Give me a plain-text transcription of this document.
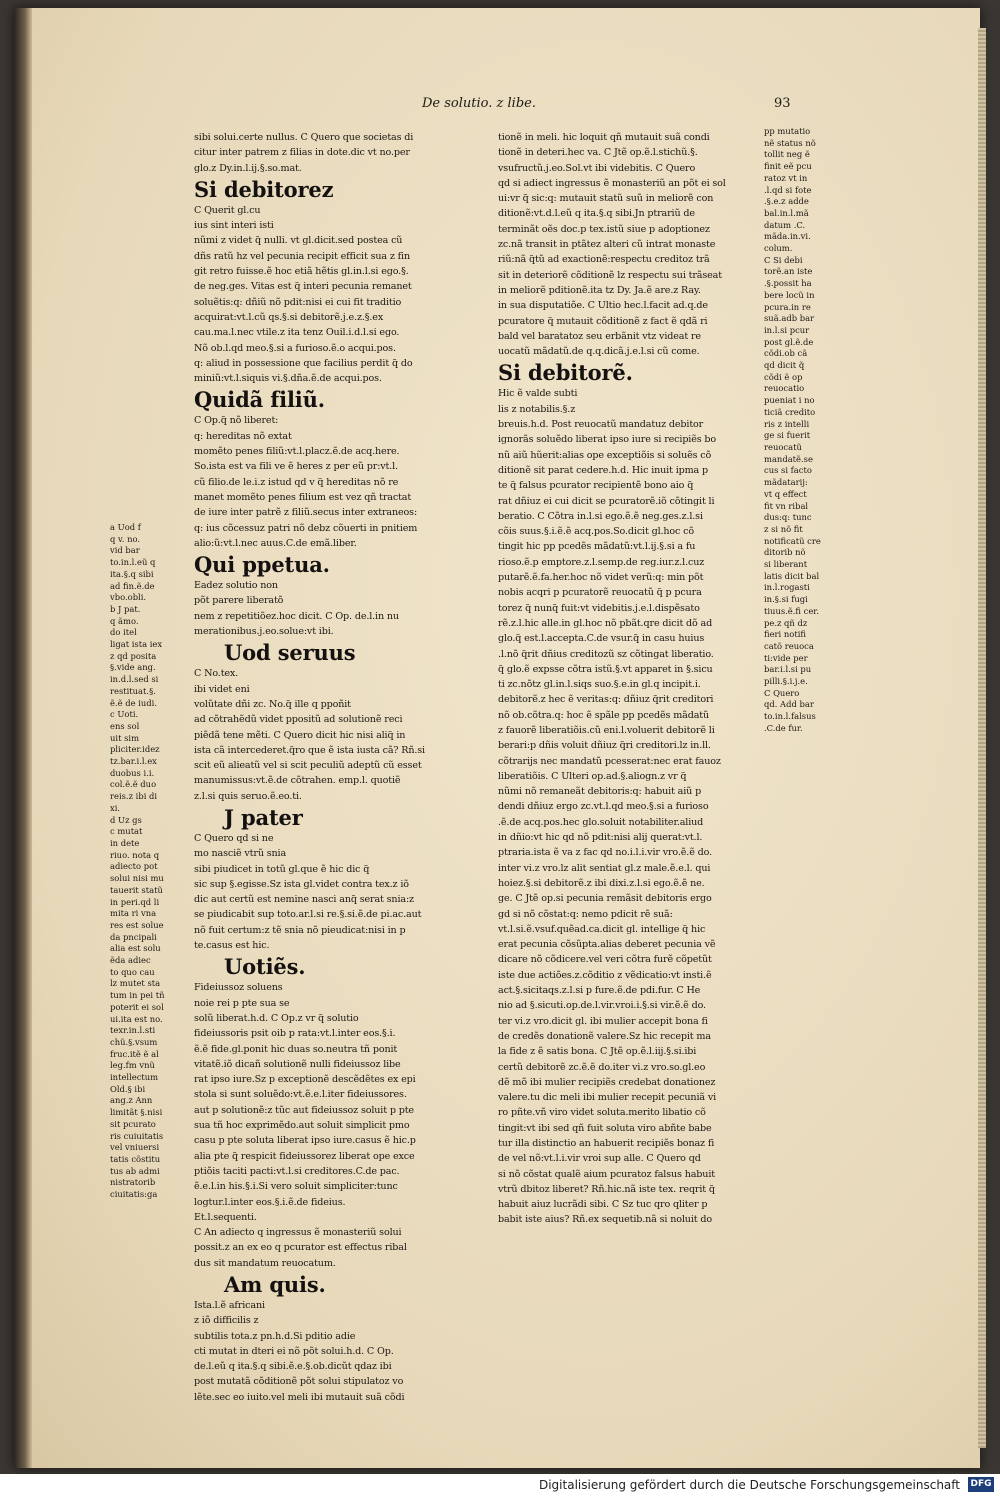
De solutio. z libe.	93
sibi solui.certe nullus. C Quero que societas di
citur inter patrem z filias in dote.dic vt no.per
glo.z Dy.in.l.ij.§.so.mat.

Si debitorez
C Querit gl.cu
ius sint interi isti
nũmi z videt q̃ nulli. vt gl.dicit.sed postea cũ
dñs ratũ hz vel pecunia recipit efficit sua z fin
git retro fuisse.ẽ hoc etiã hẽtis gl.in.l.si ego.§.
de neg.ges. Vitas est q̃ interi pecunia remanet
soluẽtis:q: dñiũ nõ pdit:nisi ei cui fit traditio
acquirat:vt.l.cũ qs.§.si debitorẽ.j.e.z.§.ex
cau.ma.l.nec vtile.z ita tenz Ouil.i.d.l.si ego.
Nõ ob.l.qd meo.§.si a furioso.ẽ.o acqui.pos.
q: aliud in possessione que facilius perdit q̃ do
miniũ:vt.l.siquis vi.§.dña.ẽ.de acqui.pos.

Quidã filiũ.
C Op.q̃ nõ liberet:
q: hereditas nõ extat
momẽto penes filiũ:vt.l.placz.ẽ.de acq.here.
So.ista est va fili ve ẽ heres z per eũ pr:vt.l.
cũ filio.de le.i.z istud qd v q̃ hereditas nõ re
manet momẽto penes filium est vez qñ tractat
de iure inter patrẽ z filiũ.secus inter extraneos:
q: ius cõcessuz patri nõ debz cõuerti in pnitiem
alio:ũ:vt.l.nec auus.C.de emã.liber.

Qui ppetua.
Eadez solutio non
põt parere liberatõ
nem z repetitiõez.hoc dicit. C Op. de.l.in nu
merationibus.j.eo.solue:vt ibi.

Uod seruus
C No.tex.
ibi videt eni
volũtate dñi zc. No.q̃ ille q ppoñit
ad cõtrahẽdũ videt ppositũ ad solutionẽ reci
piẽdã tene mẽti. C Quero dicit hic nisi aliq̃ in
ista cã intercederet.q̃ro que ẽ ista iusta cã? Rñ.si
scit eũ alieatũ vel si scit peculiũ adeptũ cũ esset
manumissus:vt.ẽ.de cõtrahen. emp.l. quotiẽ
z.l.si quis seruo.ẽ.eo.ti.

J pater
C Quero qd si ne
mo nasciẽ vtrũ snia
sibi piudicet in totũ gl.que ẽ hic dic q̃
sic sup §.egisse.Sz ista gl.videt contra tex.z iõ
dic aut certũ est nemine nasci anq̃ serat snia:z
se piudicabit sup toto.ar.l.si re.§.si.ẽ.de pi.ac.aut
nõ fuit certum:z tẽ snia nõ pieudicat:nisi in p
te.casus est hic.

Uotiẽs.
Fideiussoz soluens
noie rei p pte sua se
solũ liberat.h.d. C Op.z vr q̃ solutio
fideiussoris psit oib p rata:vt.l.inter eos.§.i.
ẽ.ẽ fide.gl.ponit hic duas so.neutra tñ ponit
vitatẽ.iõ dicañ solutionẽ nulli fideiussoz libe
rat ipso iure.Sz p exceptionẽ descẽdẽtes ex epi
stola si sunt soluẽdo:vt.ẽ.e.l.iter fideiussores.
aut p solutionẽ:z tũc aut fideiussoz soluit p pte
sua tñ hoc exprimẽdo.aut soluit simplicit pmo
casu p pte soluta liberat ipso iure.casus ẽ hic.p
alia pte q̃ respicit fideiussorez liberat ope exce
ptiõis taciti pacti:vt.l.si creditores.C.de pac.
ẽ.e.l.in his.§.i.Si vero soluit simpliciter:tunc
logtur.l.inter eos.§.i.ẽ.de fideius.
Et.l.sequenti.
C An adiecto q ingressus ẽ monasteriũ solui
possit.z an ex eo q pcurator est effectus ribal
dus sit mandatum reuocatum.

Am quis.
Ista.l.ẽ africani
z iõ difficilis z
subtilis tota.z pn.h.d.Si pditio adie
cti mutat in dteri ei nõ põt solui.h.d. C Op.
de.l.eũ q ita.§.q sibi.ẽ.e.§.ob.dicũt qdaz ibi
post mutatã cõditionẽ põt solui stipulatoz vo
lẽte.sec eo iuito.vel meli ibi mutauit suã cõdi
tionẽ in meli. hic loquit qñ mutauit suã condi
tionẽ in deteri.hec va. C Jtẽ op.ẽ.l.stichũ.§.
vsufructũ.j.eo.Sol.vt ibi videbitis. C Quero
qd si adiect ingressus ẽ monasteriũ an põt ei sol
ui:vr q̃ sic:q: mutauit statũ suũ in meliorẽ con
ditionẽ:vt.d.l.eũ q ita.§.q sibi.Jn ptrariũ de
terminãt oẽs doc.p tex.istũ siue p adoptionez
zc.nã transit in ptãtez alteri cũ intrat monaste
riũ:nã q̃tũ ad exactionẽ:respectu creditoz trã
sit in deteriorẽ cõditionẽ lz respectu sui trãseat
in meliorẽ pditionẽ.ita tz Dy. Ja.ẽ are.z Ray.
in sua disputatiõe. C Ultio hec.l.facit ad.q.de
pcuratore q̃ mutauit cõditionẽ z fact ẽ qdã ri
bald vel baratatoz seu erbãnit vtz videat re
uocatũ mãdatũ.de q.q.dicã.j.e.l.si cũ come.

Si debitorẽ.
Hic ẽ valde subti
lis z notabilis.§.z
breuis.h.d. Post reuocatũ mandatuz debitor
ignorãs soluẽdo liberat ipso iure si recipiẽs bo
nũ aiũ hũerit:alias ope exceptiõis si soluẽs cõ
ditionẽ sit parat cedere.h.d. Hic inuit ipma p
te q̃ falsus pcurator recipientẽ bono aio q̃
rat dñiuz ei cui dicit se pcuratorẽ.iõ cõtingit li
beratio. C Cõtra in.l.si ego.ẽ.ẽ neg.ges.z.l.si
cõis suus.§.i.ẽ.ẽ acq.pos.So.dicit gl.hoc cõ
tingit hic pp pcedẽs mãdatũ:vt.l.ij.§.si a fu
rioso.ẽ.p emptore.z.l.semp.de reg.iur.z.l.cuz
putarẽ.ẽ.fa.her.hoc nõ videt verũ:q: min põt
nobis acqri p pcuratorẽ reuocatũ q̃ p pcura
torez q̃ nunq̃ fuit:vt videbitis.j.e.l.dispẽsato
rẽ.z.l.hic alle.in gl.hoc nõ pbãt.qre dicit dõ ad
glo.q̃ est.l.accepta.C.de vsur.q̃ in casu huius
.l.nõ q̃rit dñius creditozũ sz cõtingat liberatio.
q̃ glo.ẽ expsse cõtra istũ.§.vt apparet in §.sicu
ti zc.nõtz gl.in.l.siqs suo.§.e.in gl.q incipit.i.
debitorẽ.z hec ẽ veritas:q: dñiuz q̃rit creditori
nõ ob.cõtra.q: hoc ẽ spãle pp pcedẽs mãdatũ
z fauorẽ liberatiõis.cũ eni.l.voluerit debitorẽ li
berari:p dñis voluit dñiuz q̃ri creditori.lz in.ll.
cõtrarijs nec mandatũ pcesserat:nec erat fauoz
liberatiõis. C Ulteri op.ad.§.aliogn.z vr q̃
nũmi nõ remaneãt debitoris:q: habuit aiũ p
dendi dñiuz ergo zc.vt.l.qd meo.§.si a furioso
.ẽ.de acq.pos.hec glo.soluit notabiliter.aliud
in dñio:vt hic qd nõ pdit:nisi alij querat:vt.l.
ptraria.ista ẽ va z fac qd no.i.l.i.vir vro.ẽ.ẽ do.
inter vi.z vro.lz alit sentiat gl.z male.ẽ.e.l. qui
hoiez.§.si debitorẽ.z ibi dixi.z.l.si ego.ẽ.ẽ ne.
ge. C Jtẽ op.si pecunia remãsit debitoris ergo
gd si nõ cõstat:q: nemo pdicit rẽ suã:
vt.l.si.ẽ.vsuf.quẽad.ca.dicit gl. intellige q̃ hic
erat pecunia cõsũpta.alias deberet pecunia vẽ
dicare nõ cõdicere.vel veri cõtra furẽ cõpetũt
iste due actiões.z.cõditio z vẽdicatio:vt insti.ẽ
act.§.sicitaqs.z.l.si p fure.ẽ.de pdi.fur. C He
nio ad §.sicuti.op.de.l.vir.vroi.i.§.si vir.ẽ.ẽ do.
ter vi.z vro.dicit gl. ibi mulier accepit bona fi
de credẽs donationẽ valere.Sz hic recepit ma
la fide z ẽ satis bona. C Jtẽ op.ẽ.l.iij.§.si.ibi
certũ debitorẽ zc.ẽ.ẽ do.iter vi.z vro.so.gl.eo
dẽ mõ ibi mulier recipiẽs credebat donationez
valere.tu dic meli ibi mulier recepit pecuniã vi
ro pñte.vñ viro videt soluta.merito libatio cõ
tingit:vt ibi sed qñ fuit soluta viro abñte babe
tur illa distinctio an habuerit recipiẽs bonaz fi
de vel nõ:vt.l.i.vir vroi sup alle. C Quero qd
si nõ cõstat qualẽ aium pcuratoz falsus habuit
vtrũ dbitoz liberet? Rñ.hic.nã iste tex. reqrit q̃
habuit aiuz lucrãdi sibi. C Sz tuc qro qliter p
babit iste aius? Rñ.ex sequetib.nã si noluit do
pp mutatio
nẽ status nõ
tollit neg ẽ
finit eẽ pcu
ratoz vt in
.l.qd si fote
.§.e.z adde
bal.in.l.mã
datum .C.
mãda.in.vi.
colum.
C Si debi
torẽ.an iste
.§.possit ha
bere locũ in
pcura.in re
suã.adb bar
in.l.si pcur
post gl.ẽ.de
cõdi.ob cã
qd dicit q̃
cõdi ẽ op
reuocatio
pueniat i no
ticiã credito
ris z intelli
ge si fuerit
reuocatũ
mandatẽ.se
cus si facto
mãdatarij:
vt q effect
fit vn ribal
dus:q: tunc
z si nõ fit
notificatũ cre
ditorib nõ
si liberant
latis dicit bal
in.l.rogasti
in.§.si fugi
tiuus.ẽ.fi cer.
pe.z qñ dz
fieri notifi
catõ reuoca
ti:vide per
bar.i.l.si pu
pilli.§.i.j.e.
C Quero
qd. Add bar
to.in.l.falsus
.C.de fur.
a Uod f
q v. no.
vid bar
to.in.l.eũ q
ita.§.q sibi
ad fin.ẽ.de
vbo.obli.
b J pat.
q ãmo.
do itel
ligat ista iex
z qd posita
§.vide ang.
in.d.l.sed si
restituat.§.
ẽ.ẽ de iudi.
c Uoti.
ens sol
uit sim
pliciter.idez
tz.bar.i.l.ex
duobus i.i.
col.ẽ.ẽ duo
reis.z ibi di
xi.
d Uz gs
c mutat
in dete
riuo. nota q
adiecto pot
solui nisi mu
tauerit statũ
in peri.qd li
mita ri vna
res est solue
da pncipali
alia est solu
ẽda adiec
to quo cau
lz mutet sta
tum in pei tñ
poterit ei sol
ui.ita est no.
texr.in.l.sti
chũ.§.vsum
fruc.itẽ ẽ al
leg.fm vnũ
intellectum
Old.§ ibi
ang.z Ann
limitãt §.nisi
sit pcurato
ris cuiuitatis
vel vniuersi
tatis cõstitu
tus ab admi
nistratorib
ciuitatis:ga
Digitalisierung gefördert durch die Deutsche Forschungsgemeinschaft DFG
